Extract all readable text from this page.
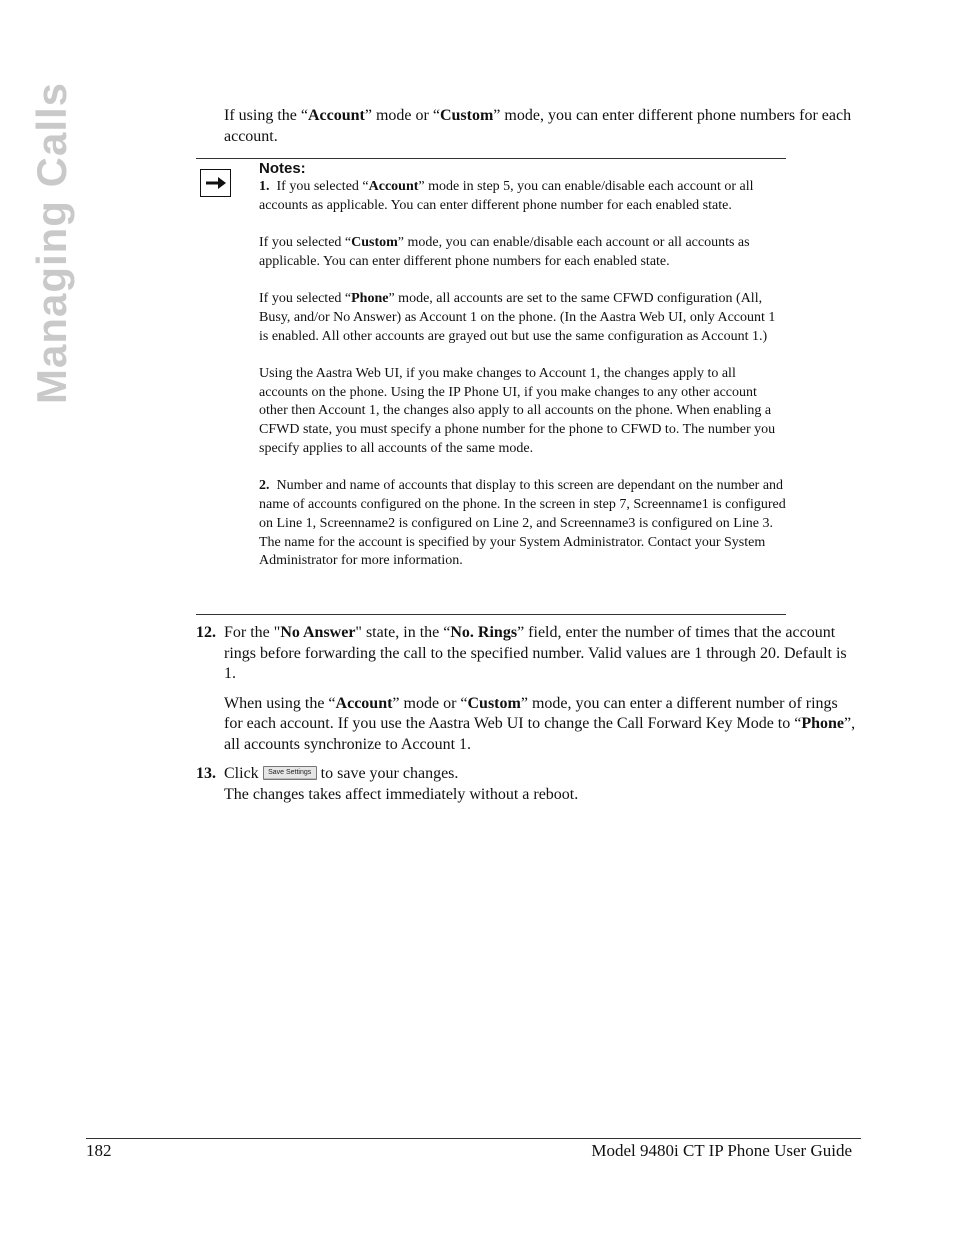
Managing Calls	If using the “Account” mode or “Custom” mode, you can enter different phone numbers for each account.
Notes:

1. If you selected “Account” mode in step 5, you can enable/disable each account or all accounts as applicable. You can enter different phone number for each enabled state.

If you selected “Custom” mode, you can enable/disable each account or all accounts as applicable. You can enter different phone numbers for each enabled state.

If you selected “Phone” mode, all accounts are set to the same CFWD configuration (All, Busy, and/or No Answer) as Account 1 on the phone. (In the Aastra Web UI, only Account 1 is enabled. All other accounts are grayed out but use the same configuration as Account 1.)

Using the Aastra Web UI, if you make changes to Account 1, the changes apply to all accounts on the phone. Using the IP Phone UI, if you make changes to any other account other then Account 1, the changes also apply to all accounts on the phone. When enabling a CFWD state, you must specify a phone number for the phone to CFWD to. The number you specify applies to all accounts of the same mode.

2. Number and name of accounts that display to this screen are dependant on the number and name of accounts configured on the phone. In the screen in step 7, Screenname1 is configured on Line 1, Screenname2 is configured on Line 2, and Screenname3 is configured on Line 3. The name for the account is specified by your System Administrator. Contact your System Administrator for more information.

12. For the "No Answer" state, in the “No. Rings” field, enter the number of times that the account rings before forwarding the call to the specified number. Valid values are 1 through 20. Default is 1.

When using the “Account” mode or “Custom” mode, you can enter a different number of rings for each account. If you use the Aastra Web UI to change the Call Forward Key Mode to “Phone”, all accounts synchronize to Account 1.

13. Click Save Settings to save your changes.
The changes takes affect immediately without a reboot.

182	Model 9480i CT IP Phone User Guide
